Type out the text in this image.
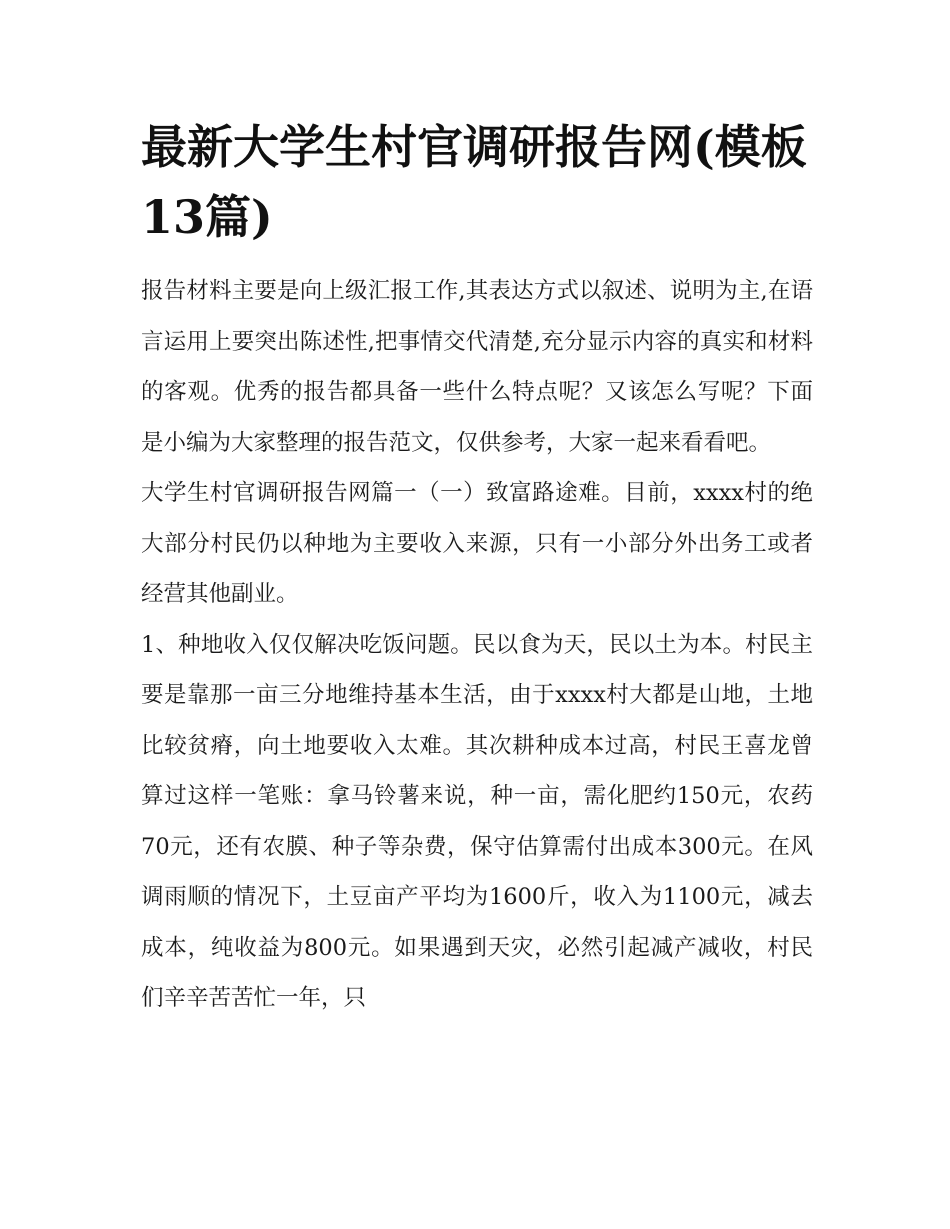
最新大学生村官调研报告网(模板13篇)

报告材料主要是向上级汇报工作,其表达方式以叙述、说明为主,在语言运用上要突出陈述性,把事情交代清楚,充分显示内容的真实和材料的客观。优秀的报告都具备一些什么特点呢？又该怎么写呢？下面是小编为大家整理的报告范文，仅供参考，大家一起来看看吧。

大学生村官调研报告网篇一（一）致富路途难。目前，xxxx村的绝大部分村民仍以种地为主要收入来源，只有一小部分外出务工或者经营其他副业。

1、种地收入仅仅解决吃饭问题。民以食为天，民以土为本。村民主要是靠那一亩三分地维持基本生活，由于xxxx村大都是山地，土地比较贫瘠，向土地要收入太难。其次耕种成本过高，村民王喜龙曾算过这样一笔账：拿马铃薯来说，种一亩，需化肥约150元，农药70元，还有农膜、种子等杂费，保守估算需付出成本300元。在风调雨顺的情况下，土豆亩产平均为1600斤，收入为1100元，减去成本，纯收益为800元。如果遇到天灾，必然引起减产减收，村民们辛辛苦苦忙一年，只
